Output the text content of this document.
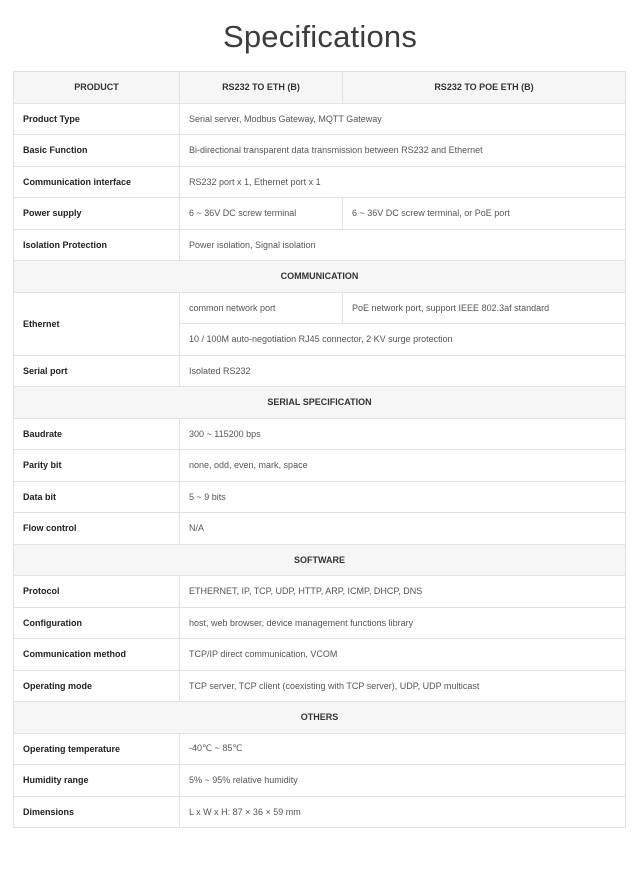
Specifications
PRODUCT	RS232 TO ETH (B)	RS232 TO POE ETH (B)
Product Type	Serial server, Modbus Gateway, MQTT Gateway	
Basic Function	Bi-directional transparent data transmission between RS232 and Ethernet	
Communication interface	RS232 port x 1, Ethernet port x 1	
Power supply	6 ~ 36V DC screw terminal	6 ~ 36V DC screw terminal, or PoE port
Isolation Protection	Power isolation, Signal isolation	
COMMUNICATION		
Ethernet	common network port	PoE network port, support IEEE 802.3af standard
	10 / 100M auto-negotiation RJ45 connector, 2 KV surge protection	
Serial port	Isolated RS232	
SERIAL SPECIFICATION		
Baudrate	300 ~ 115200 bps	
Parity bit	none, odd, even, mark, space	
Data bit	5 ~ 9 bits	
Flow control	N/A	
SOFTWARE		
Protocol	ETHERNET, IP, TCP, UDP, HTTP, ARP, ICMP, DHCP, DNS	
Configuration	host, web browser, device management functions library	
Communication method	TCP/IP direct communication, VCOM	
Operating mode	TCP server, TCP client (coexisting with TCP server), UDP, UDP multicast	
OTHERS		
Operating temperature	-40℃ ~ 85℃	
Humidity range	5% ~ 95% relative humidity	
Dimensions	L x W x H: 87 × 36 × 59 mm	
